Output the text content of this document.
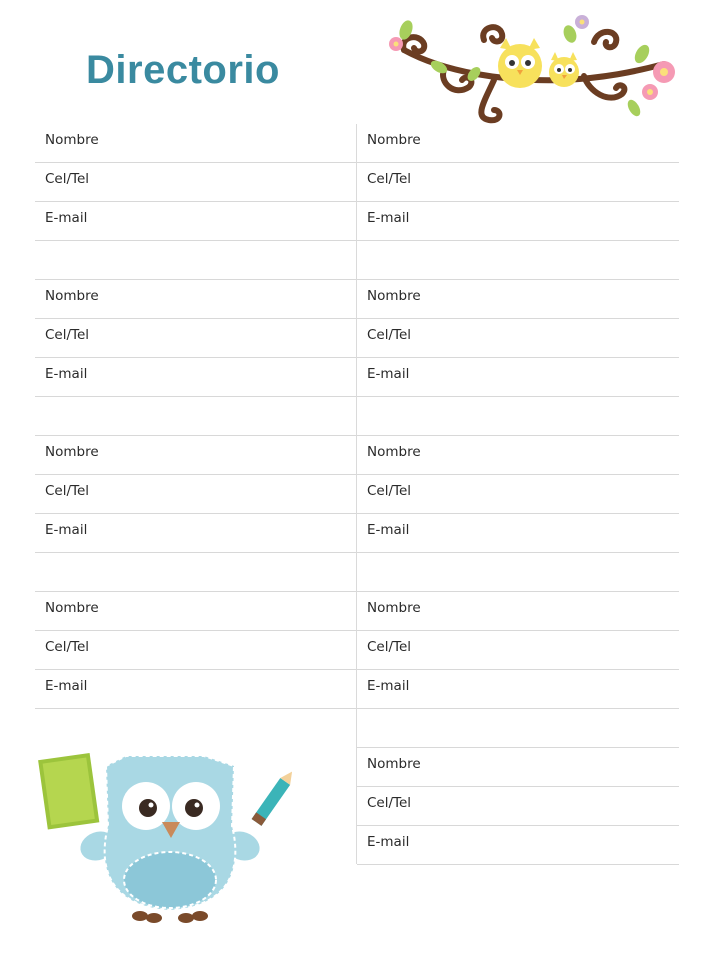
Directorio
Nombre
Cel/Tel
E-mail
Nombre
Cel/Tel
E-mail
Nombre
Cel/Tel
E-mail
Nombre
Cel/Tel
E-mail
Nombre
Cel/Tel
E-mail
Nombre
Cel/Tel
E-mail
Nombre
Cel/Tel
E-mail
Nombre
Cel/Tel
E-mail
Nombre
Cel/Tel
E-mail
